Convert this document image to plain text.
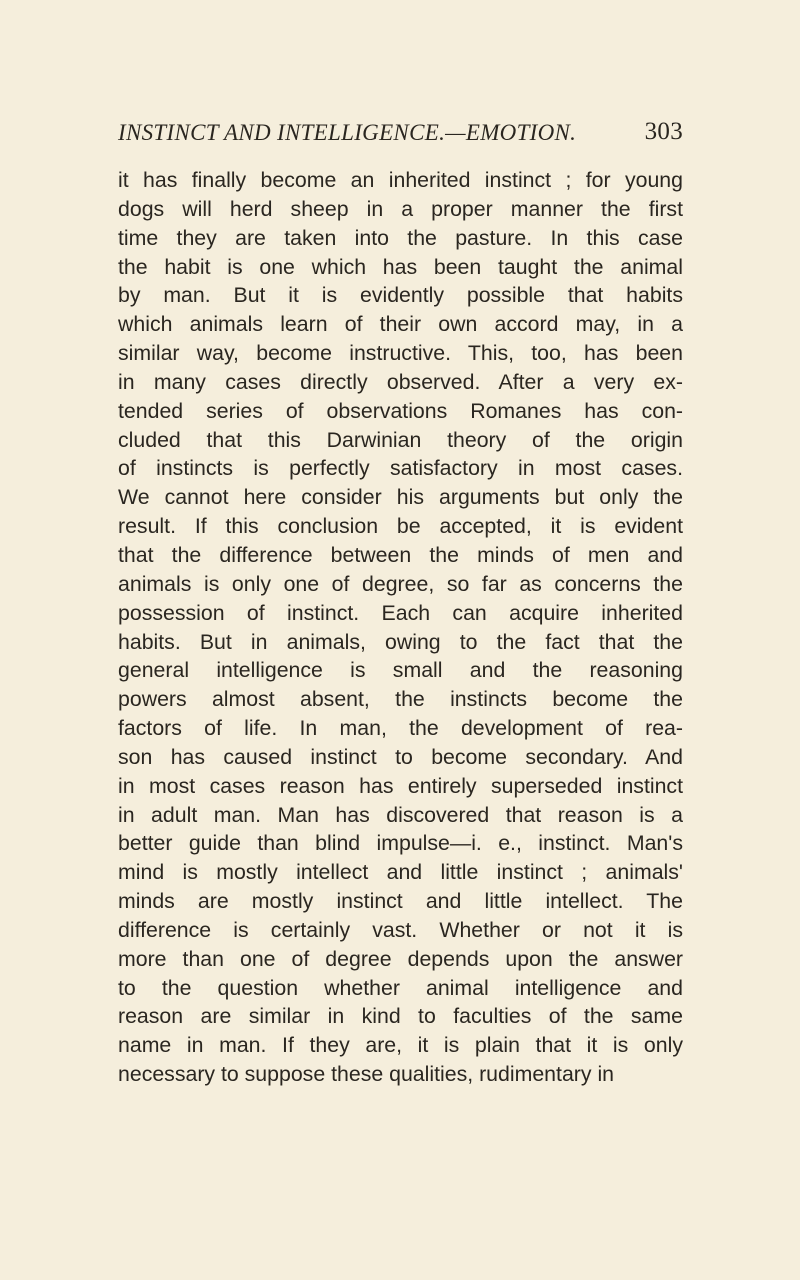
INSTINCT AND INTELLIGENCE.—EMOTION.	303
it has finally become an inherited instinct ; for young
dogs will herd sheep in a proper manner the first
time they are taken into the pasture. In this case
the habit is one which has been taught the animal
by man. But it is evidently possible that habits
which animals learn of their own accord may, in a
similar way, become instructive. This, too, has been
in many cases directly observed. After a very ex-
tended series of observations Romanes has con-
cluded that this Darwinian theory of the origin
of instincts is perfectly satisfactory in most cases.
We cannot here consider his arguments but only the
result. If this conclusion be accepted, it is evident
that the difference between the minds of men and
animals is only one of degree, so far as concerns the
possession of instinct. Each can acquire inherited
habits. But in animals, owing to the fact that the
general intelligence is small and the reasoning
powers almost absent, the instincts become the
factors of life. In man, the development of rea-
son has caused instinct to become secondary. And
in most cases reason has entirely superseded instinct
in adult man. Man has discovered that reason is a
better guide than blind impulse—i. e., instinct. Man's
mind is mostly intellect and little instinct ; animals'
minds are mostly instinct and little intellect. The
difference is certainly vast. Whether or not it is
more than one of degree depends upon the answer
to the question whether animal intelligence and
reason are similar in kind to faculties of the same
name in man. If they are, it is plain that it is only
necessary to suppose these qualities, rudimentary in
